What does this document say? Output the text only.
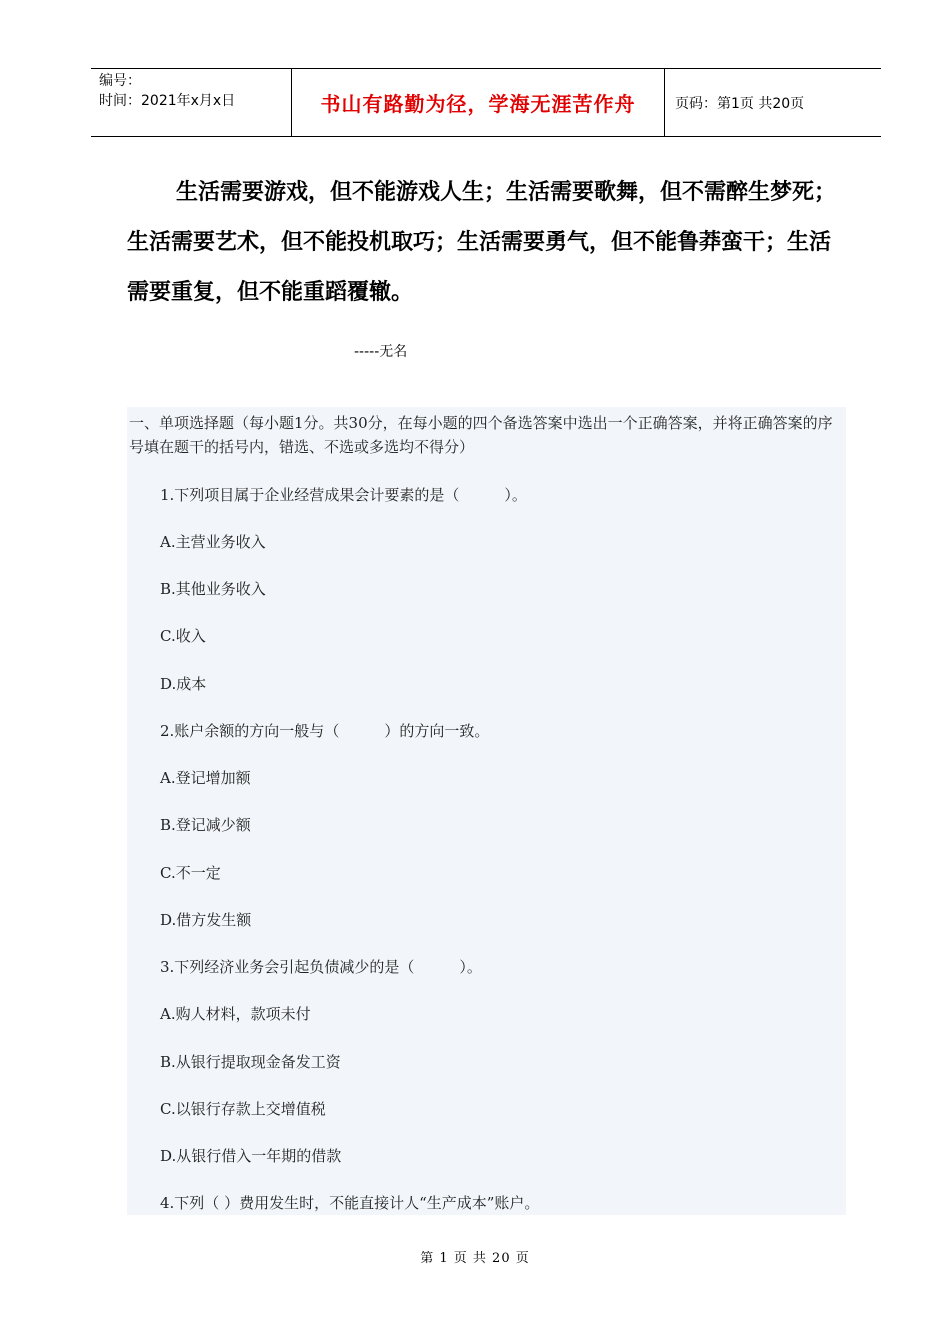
编号：
时间：2021年x月x日	书山有路勤为径，学海无涯苦作舟	页码：第1页 共20页
生活需要游戏，但不能游戏人生；生活需要歌舞，但不需醉生梦死；生活需要艺术，但不能投机取巧；生活需要勇气，但不能鲁莽蛮干；生活需要重复，但不能重蹈覆辙。
-----无名
一、单项选择题（每小题1分。共30分，在每小题的四个备选答案中选出一个正确答案，并将正确答案的序号填在题干的括号内，错选、不选或多选均不得分）
1.下列项目属于企业经营成果会计要素的是（　　　）。
A.主营业务收入
B.其他业务收入
C.收入
D.成本
2.账户余额的方向一般与（　　　）的方向一致。
A.登记增加额
B.登记减少额
C.不一定
D.借方发生额
3.下列经济业务会引起负债减少的是（　　　）。
A.购人材料，款项未付
B.从银行提取现金备发工资
C.以银行存款上交增值税
D.从银行借入一年期的借款
4.下列（ ）费用发生时，不能直接计人“生产成本”账户。
第 1 页 共 20 页
